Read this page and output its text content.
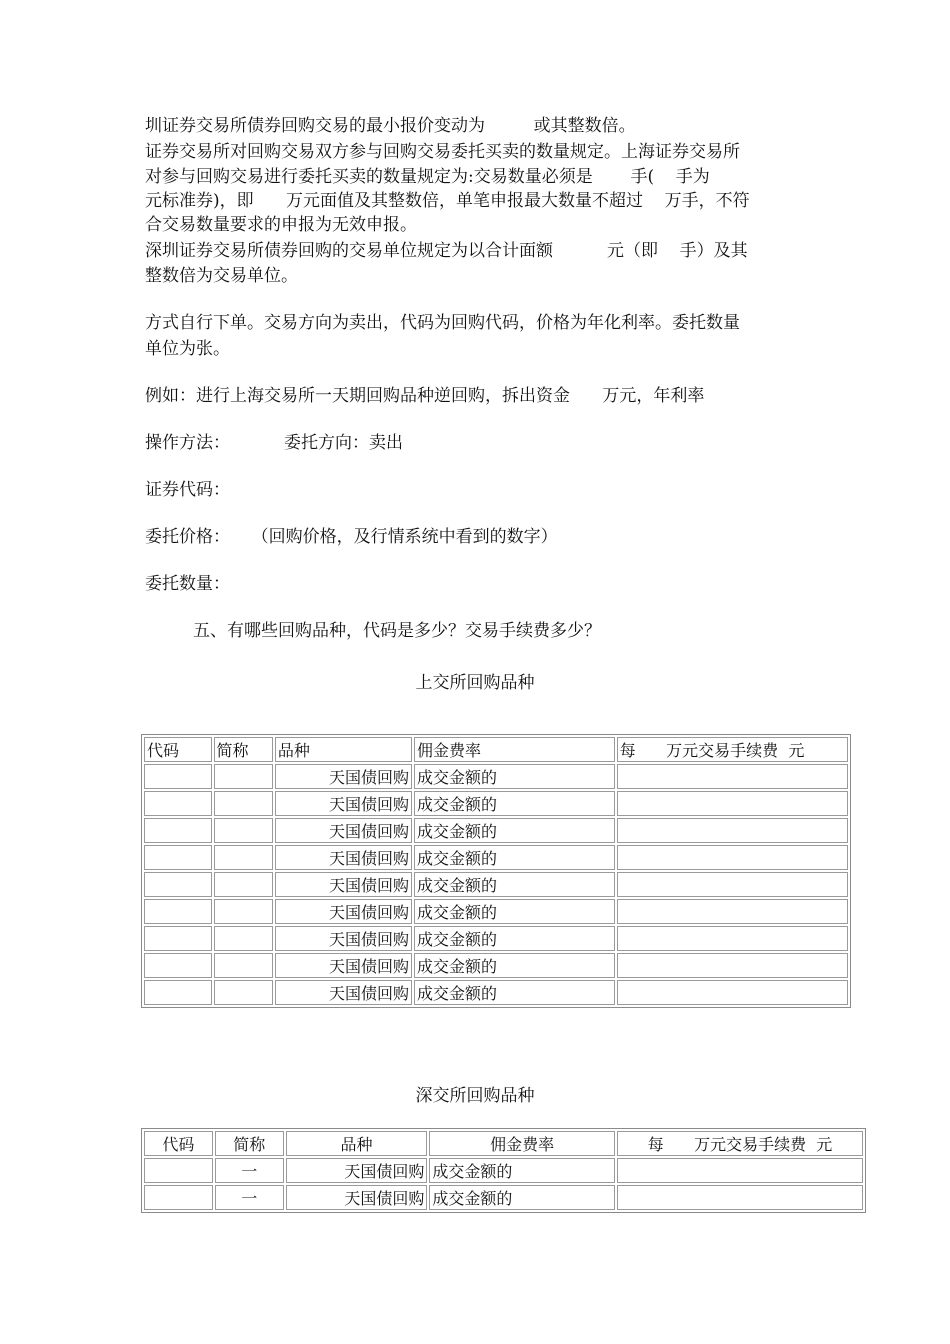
圳证券交易所债券回购交易的最小报价变动为         或其整数倍。
证券交易所对回购交易双方参与回购交易委托买卖的数量规定。上海证券交易所
对参与回购交易进行委托买卖的数量规定为:交易数量必须是       手(    手为
元标准券)，即      万元面值及其整数倍，单笔申报最大数量不超过    万手，不符
合交易数量要求的申报为无效申报。
深圳证券交易所债券回购的交易单位规定为以合计面额          元（即    手）及其
整数倍为交易单位。
方式自行下单。交易方向为卖出，代码为回购代码，价格为年化利率。委托数量
单位为张。
例如：进行上海交易所一天期回购品种逆回购，拆出资金      万元，年利率
操作方法：          委托方向：卖出
证券代码：
委托价格：    （回购价格，及行情系统中看到的数字）
委托数量：
五、有哪些回购品种，代码是多少？交易手续费多少？
上交所回购品种
代码	简称	品种	佣金费率	每      万元交易手续费  元
		天国债回购	成交金额的	
		天国债回购	成交金额的	
		天国债回购	成交金额的	
		天国债回购	成交金额的	
		天国债回购	成交金额的	
		天国债回购	成交金额的	
		天国债回购	成交金额的	
		天国债回购	成交金额的	
		天国债回购	成交金额的	
深交所回购品种
代码	简称	品种	佣金费率	每      万元交易手续费  元
	一	天国债回购	成交金额的	
	一	天国债回购	成交金额的	
